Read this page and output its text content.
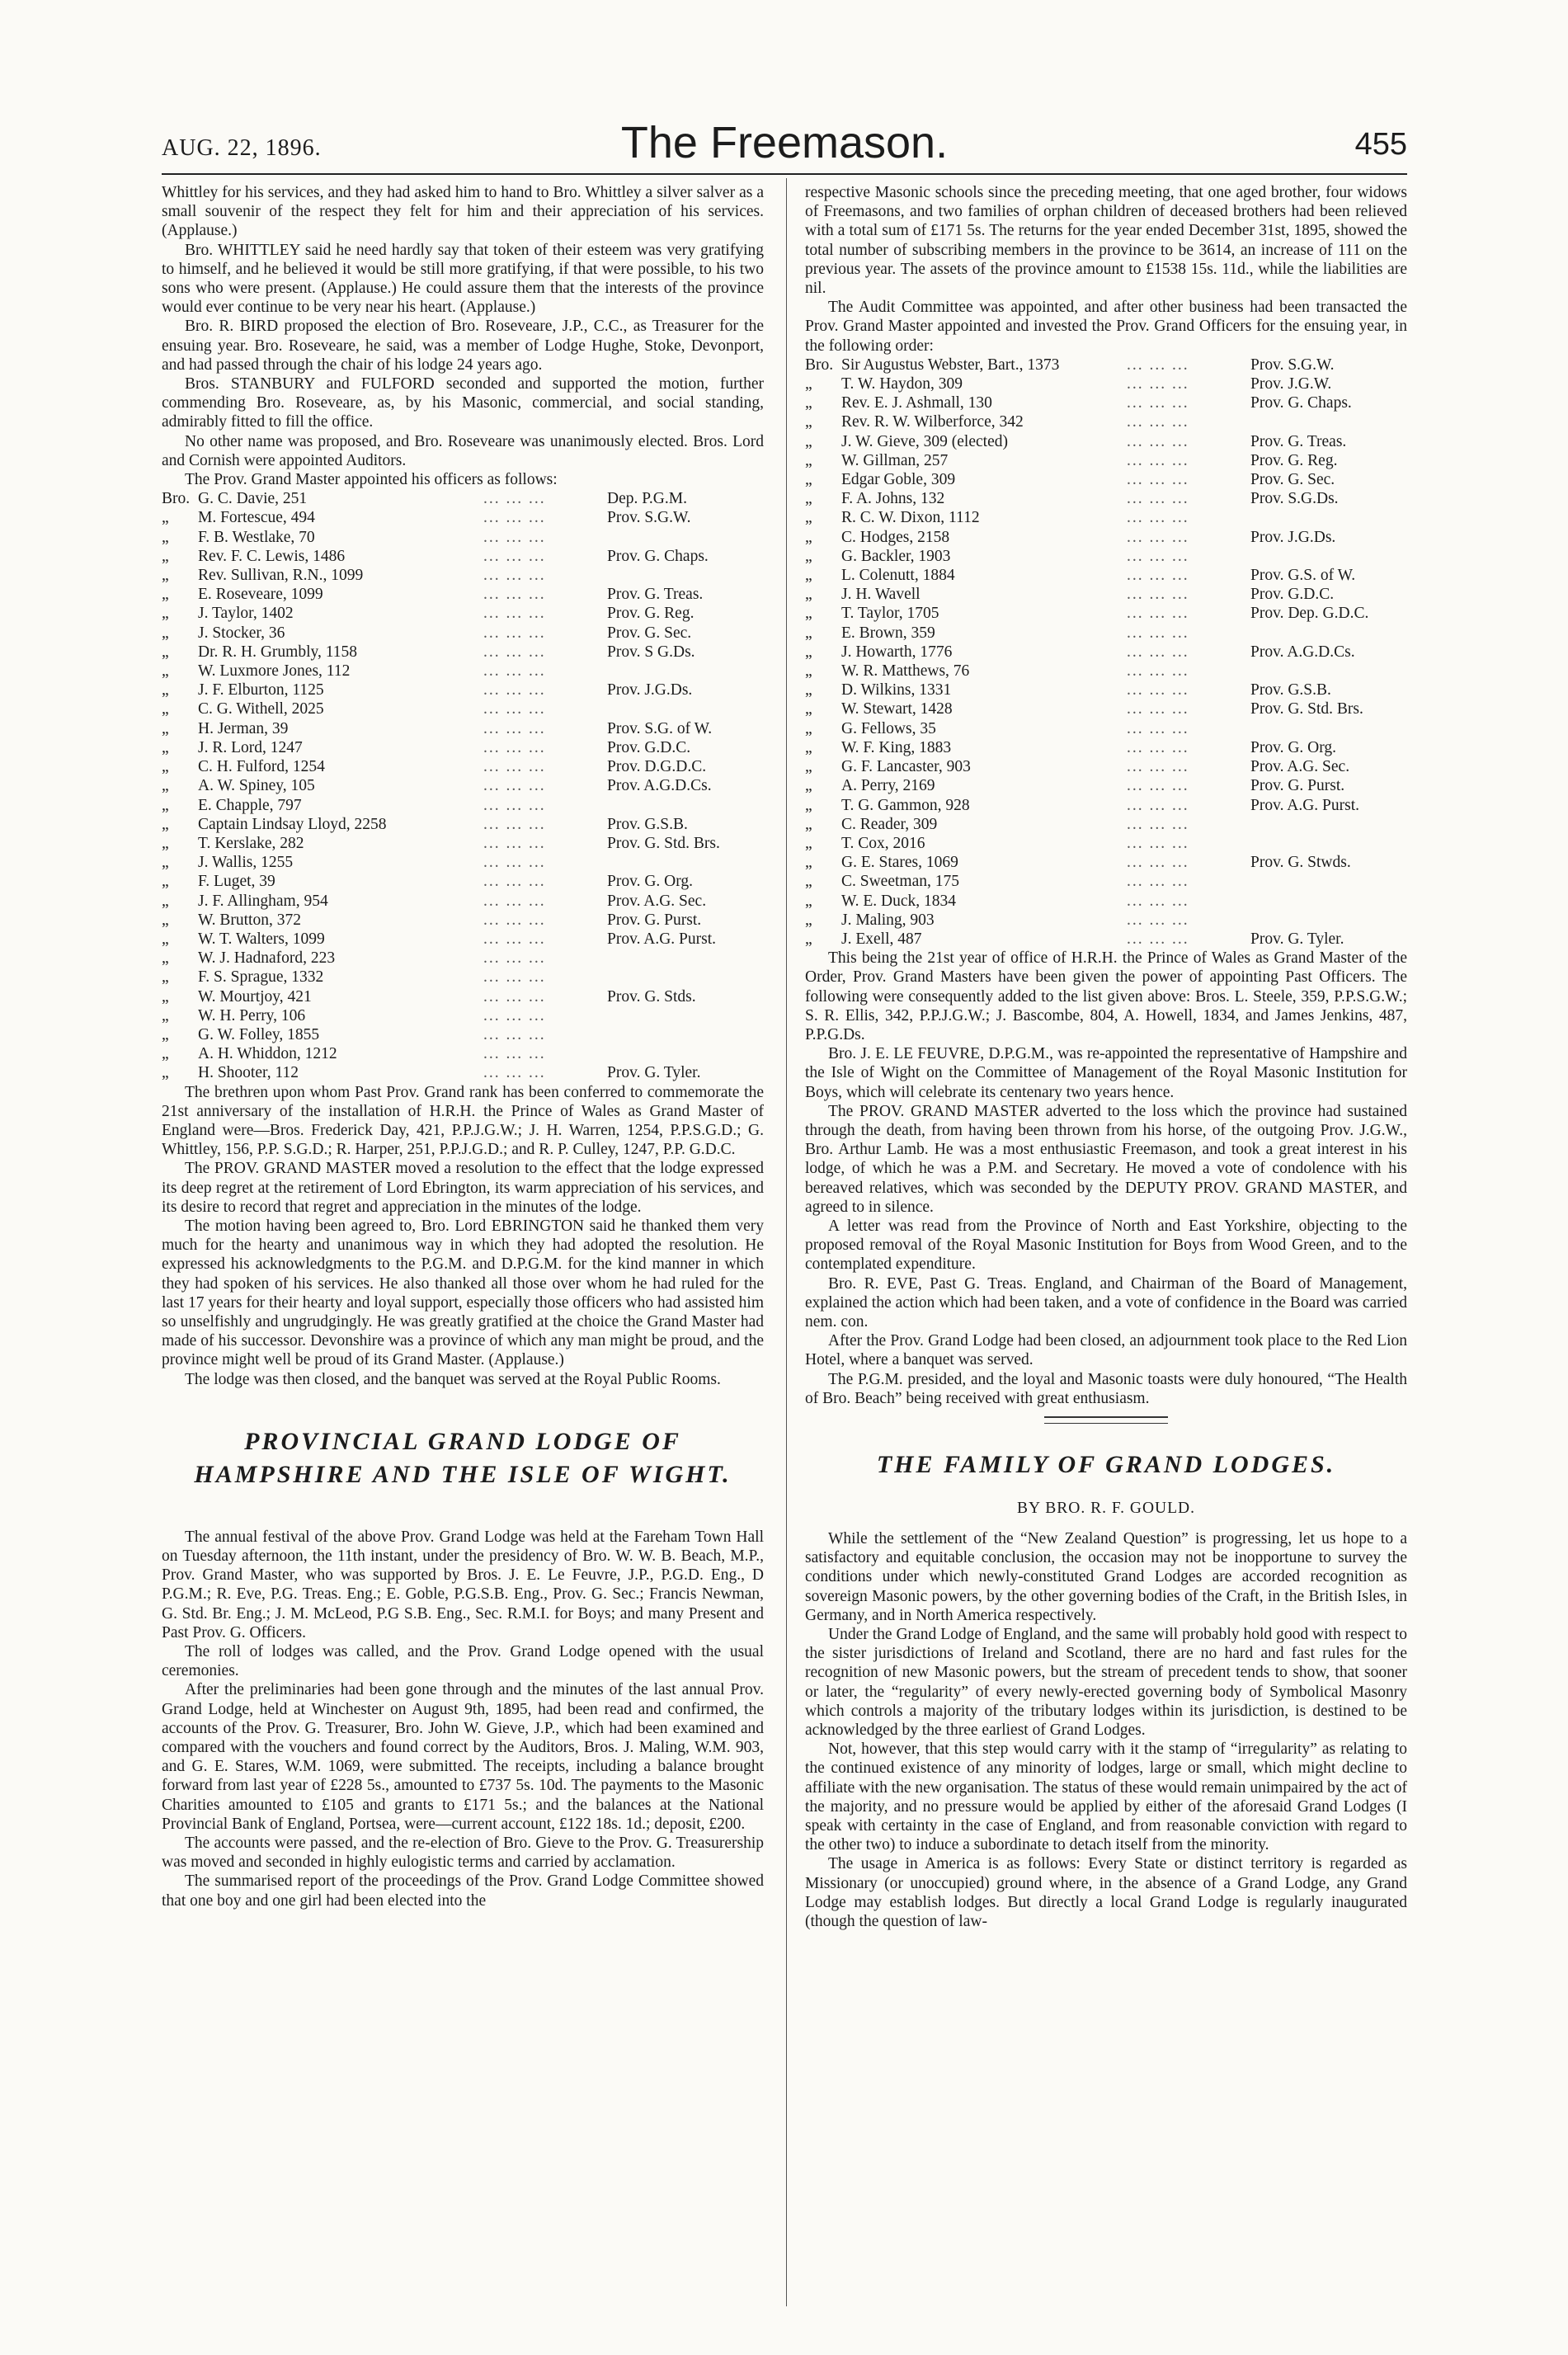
AUG. 22, 1896.	The Freemason.	455

Whittley for his services, and they had asked him to hand to Bro. Whittley a silver salver as a small souvenir of the respect they felt for him and their appreciation of his services. (Applause.)

Bro. WHITTLEY said he need hardly say that token of their esteem was very gratifying to himself, and he believed it would be still more gratifying, if that were possible, to his two sons who were present. (Applause.) He could assure them that the interests of the province would ever continue to be very near his heart. (Applause.)

Bro. R. BIRD proposed the election of Bro. Roseveare, J.P., C.C., as Treasurer for the ensuing year. Bro. Roseveare, he said, was a member of Lodge Hughe, Stoke, Devonport, and had passed through the chair of his lodge 24 years ago.

Bros. STANBURY and FULFORD seconded and supported the motion, further commending Bro. Roseveare, as, by his Masonic, commercial, and social standing, admirably fitted to fill the office.

No other name was proposed, and Bro. Roseveare was unanimously elected. Bros. Lord and Cornish were appointed Auditors.

The Prov. Grand Master appointed his officers as follows:

Bro.	G. C. Davie, 251	... ... ...	Dep. P.G.M.
„	M. Fortescue, 494	... ... ...	Prov. S.G.W.
„	F. B. Westlake, 70	... ... ...	
„	Rev. F. C. Lewis, 1486	... ... ...	Prov. G. Chaps.
„	Rev. Sullivan, R.N., 1099	... ... ...	
„	E. Roseveare, 1099	... ... ...	Prov. G. Treas.
„	J. Taylor, 1402	... ... ...	Prov. G. Reg.
„	J. Stocker, 36	... ... ...	Prov. G. Sec.
„	Dr. R. H. Grumbly, 1158	... ... ...	Prov. S G.Ds.
„	W. Luxmore Jones, 112	... ... ...	
„	J. F. Elburton, 1125	... ... ...	Prov. J.G.Ds.
„	C. G. Withell, 2025	... ... ...	
„	H. Jerman, 39	... ... ...	Prov. S.G. of W.
„	J. R. Lord, 1247	... ... ...	Prov. G.D.C.
„	C. H. Fulford, 1254	... ... ...	Prov. D.G.D.C.
„	A. W. Spiney, 105	... ... ...	Prov. A.G.D.Cs.
„	E. Chapple, 797	... ... ...	
„	Captain Lindsay Lloyd, 2258	... ... ...	Prov. G.S.B.
„	T. Kerslake, 282	... ... ...	Prov. G. Std. Brs.
„	J. Wallis, 1255	... ... ...	
„	F. Luget, 39	... ... ...	Prov. G. Org.
„	J. F. Allingham, 954	... ... ...	Prov. A.G. Sec.
„	W. Brutton, 372	... ... ...	Prov. G. Purst.
„	W. T. Walters, 1099	... ... ...	Prov. A.G. Purst.
„	W. J. Hadnaford, 223	... ... ...	
„	F. S. Sprague, 1332	... ... ...	
„	W. Mourtjoy, 421	... ... ...	Prov. G. Stds.
„	W. H. Perry, 106	... ... ...	
„	G. W. Folley, 1855	... ... ...	
„	A. H. Whiddon, 1212	... ... ...	
„	H. Shooter, 112	... ... ...	Prov. G. Tyler.

The brethren upon whom Past Prov. Grand rank has been conferred to commemorate the 21st anniversary of the installation of H.R.H. the Prince of Wales as Grand Master of England were—Bros. Frederick Day, 421, P.P.J.G.W.; J. H. Warren, 1254, P.P.S.G.D.; G. Whittley, 156, P.P. S.G.D.; R. Harper, 251, P.P.J.G.D.; and R. P. Culley, 1247, P.P. G.D.C.

The PROV. GRAND MASTER moved a resolution to the effect that the lodge expressed its deep regret at the retirement of Lord Ebrington, its warm appreciation of his services, and its desire to record that regret and appreciation in the minutes of the lodge.

The motion having been agreed to, Bro. Lord EBRINGTON said he thanked them very much for the hearty and unanimous way in which they had adopted the resolution. He expressed his acknowledgments to the P.G.M. and D.P.G.M. for the kind manner in which they had spoken of his services. He also thanked all those over whom he had ruled for the last 17 years for their hearty and loyal support, especially those officers who had assisted him so unselfishly and ungrudgingly. He was greatly gratified at the choice the Grand Master had made of his successor. Devonshire was a province of which any man might be proud, and the province might well be proud of its Grand Master. (Applause.)

The lodge was then closed, and the banquet was served at the Royal Public Rooms.

PROVINCIAL GRAND LODGE OF HAMPSHIRE AND THE ISLE OF WIGHT.

The annual festival of the above Prov. Grand Lodge was held at the Fareham Town Hall on Tuesday afternoon, the 11th instant, under the presidency of Bro. W. W. B. Beach, M.P., Prov. Grand Master, who was supported by Bros. J. E. Le Feuvre, J.P., P.G.D. Eng., D P.G.M.; R. Eve, P.G. Treas. Eng.; E. Goble, P.G.S.B. Eng., Prov. G. Sec.; Francis Newman, G. Std. Br. Eng.; J. M. McLeod, P.G S.B. Eng., Sec. R.M.I. for Boys; and many Present and Past Prov. G. Officers.

The roll of lodges was called, and the Prov. Grand Lodge opened with the usual ceremonies.

After the preliminaries had been gone through and the minutes of the last annual Prov. Grand Lodge, held at Winchester on August 9th, 1895, had been read and confirmed, the accounts of the Prov. G. Treasurer, Bro. John W. Gieve, J.P., which had been examined and compared with the vouchers and found correct by the Auditors, Bros. J. Maling, W.M. 903, and G. E. Stares, W.M. 1069, were submitted. The receipts, including a balance brought forward from last year of £228 5s., amounted to £737 5s. 10d. The payments to the Masonic Charities amounted to £105 and grants to £171 5s.; and the balances at the National Provincial Bank of England, Portsea, were—current account, £122 18s. 1d.; deposit, £200.

The accounts were passed, and the re-election of Bro. Gieve to the Prov. G. Treasurership was moved and seconded in highly eulogistic terms and carried by acclamation.

The summarised report of the proceedings of the Prov. Grand Lodge Committee showed that one boy and one girl had been elected into the

respective Masonic schools since the preceding meeting, that one aged brother, four widows of Freemasons, and two families of orphan children of deceased brothers had been relieved with a total sum of £171 5s. The returns for the year ended December 31st, 1895, showed the total number of subscribing members in the province to be 3614, an increase of 111 on the previous year. The assets of the province amount to £1538 15s. 11d., while the liabilities are nil.

The Audit Committee was appointed, and after other business had been transacted the Prov. Grand Master appointed and invested the Prov. Grand Officers for the ensuing year, in the following order:

Bro.	Sir Augustus Webster, Bart., 1373	... ... ...	Prov. S.G.W.
„	T. W. Haydon, 309	... ... ...	Prov. J.G.W.
„	Rev. E. J. Ashmall, 130	... ... ...	Prov. G. Chaps.
„	Rev. R. W. Wilberforce, 342	... ... ...	
„	J. W. Gieve, 309 (elected)	... ... ...	Prov. G. Treas.
„	W. Gillman, 257	... ... ...	Prov. G. Reg.
„	Edgar Goble, 309	... ... ...	Prov. G. Sec.
„	F. A. Johns, 132	... ... ...	Prov. S.G.Ds.
„	R. C. W. Dixon, 1112	... ... ...	
„	C. Hodges, 2158	... ... ...	Prov. J.G.Ds.
„	G. Backler, 1903	... ... ...	
„	L. Colenutt, 1884	... ... ...	Prov. G.S. of W.
„	J. H. Wavell	... ... ...	Prov. G.D.C.
„	T. Taylor, 1705	... ... ...	Prov. Dep. G.D.C.
„	E. Brown, 359	... ... ...	
„	J. Howarth, 1776	... ... ...	Prov. A.G.D.Cs.
„	W. R. Matthews, 76	... ... ...	
„	D. Wilkins, 1331	... ... ...	Prov. G.S.B.
„	W. Stewart, 1428	... ... ...	Prov. G. Std. Brs.
„	G. Fellows, 35	... ... ...	
„	W. F. King, 1883	... ... ...	Prov. G. Org.
„	G. F. Lancaster, 903	... ... ...	Prov. A.G. Sec.
„	A. Perry, 2169	... ... ...	Prov. G. Purst.
„	T. G. Gammon, 928	... ... ...	Prov. A.G. Purst.
„	C. Reader, 309	... ... ...	
„	T. Cox, 2016	... ... ...	
„	G. E. Stares, 1069	... ... ...	Prov. G. Stwds.
„	C. Sweetman, 175	... ... ...	
„	W. E. Duck, 1834	... ... ...	
„	J. Maling, 903	... ... ...	
„	J. Exell, 487	... ... ...	Prov. G. Tyler.

This being the 21st year of office of H.R.H. the Prince of Wales as Grand Master of the Order, Prov. Grand Masters have been given the power of appointing Past Officers. The following were consequently added to the list given above: Bros. L. Steele, 359, P.P.S.G.W.; S. R. Ellis, 342, P.P.J.G.W.; J. Bascombe, 804, A. Howell, 1834, and James Jenkins, 487, P.P.G.Ds.

Bro. J. E. LE FEUVRE, D.P.G.M., was re-appointed the representative of Hampshire and the Isle of Wight on the Committee of Management of the Royal Masonic Institution for Boys, which will celebrate its centenary two years hence.

The PROV. GRAND MASTER adverted to the loss which the province had sustained through the death, from having been thrown from his horse, of the outgoing Prov. J.G.W., Bro. Arthur Lamb. He was a most enthusiastic Freemason, and took a great interest in his lodge, of which he was a P.M. and Secretary. He moved a vote of condolence with his bereaved relatives, which was seconded by the DEPUTY PROV. GRAND MASTER, and agreed to in silence.

A letter was read from the Province of North and East Yorkshire, objecting to the proposed removal of the Royal Masonic Institution for Boys from Wood Green, and to the contemplated expenditure.

Bro. R. EVE, Past G. Treas. England, and Chairman of the Board of Management, explained the action which had been taken, and a vote of confidence in the Board was carried nem. con.

After the Prov. Grand Lodge had been closed, an adjournment took place to the Red Lion Hotel, where a banquet was served.

The P.G.M. presided, and the loyal and Masonic toasts were duly honoured, “The Health of Bro. Beach” being received with great enthusiasm.

THE FAMILY OF GRAND LODGES.
BY BRO. R. F. GOULD.

While the settlement of the “New Zealand Question” is progressing, let us hope to a satisfactory and equitable conclusion, the occasion may not be inopportune to survey the conditions under which newly-constituted Grand Lodges are accorded recognition as sovereign Masonic powers, by the other governing bodies of the Craft, in the British Isles, in Germany, and in North America respectively.

Under the Grand Lodge of England, and the same will probably hold good with respect to the sister jurisdictions of Ireland and Scotland, there are no hard and fast rules for the recognition of new Masonic powers, but the stream of precedent tends to show, that sooner or later, the “regularity” of every newly-erected governing body of Symbolical Masonry which controls a majority of the tributary lodges within its jurisdiction, is destined to be acknowledged by the three earliest of Grand Lodges.

Not, however, that this step would carry with it the stamp of “irregularity” as relating to the continued existence of any minority of lodges, large or small, which might decline to affiliate with the new organisation. The status of these would remain unimpaired by the act of the majority, and no pressure would be applied by either of the aforesaid Grand Lodges (I speak with certainty in the case of England, and from reasonable conviction with regard to the other two) to induce a subordinate to detach itself from the minority.

The usage in America is as follows: Every State or distinct territory is regarded as Missionary (or unoccupied) ground where, in the absence of a Grand Lodge, any Grand Lodge may establish lodges. But directly a local Grand Lodge is regularly inaugurated (though the question of law-
